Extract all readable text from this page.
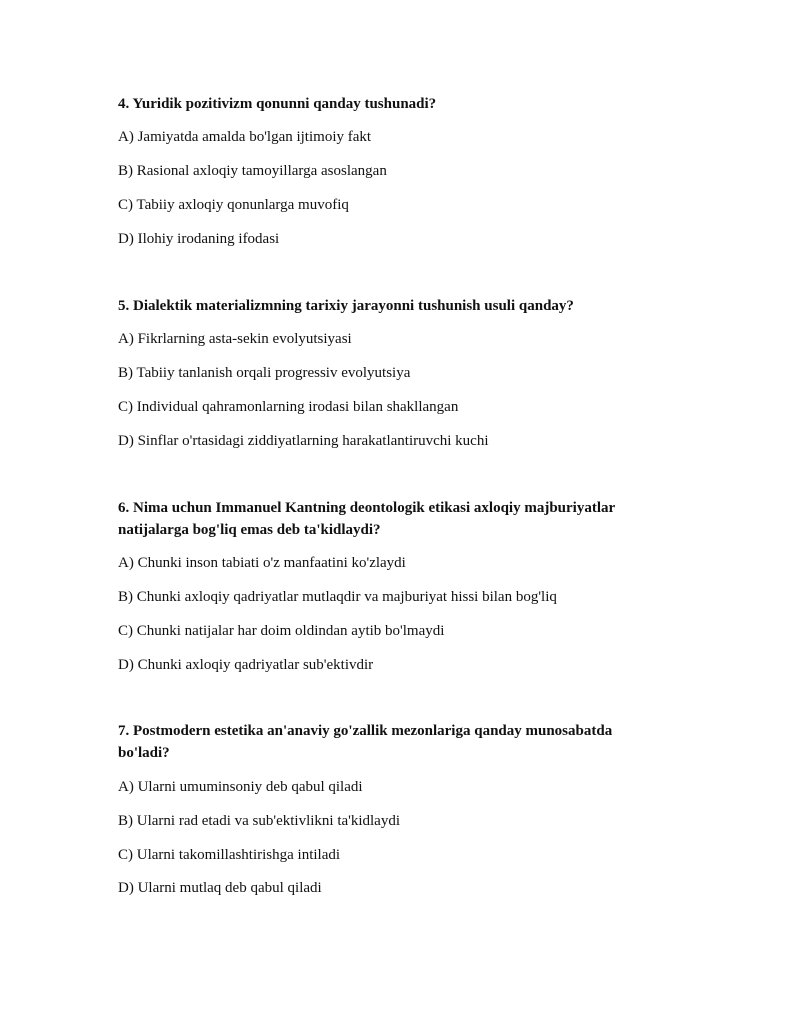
4. Yuridik pozitivizm qonunni qanday tushunadi?

A) Jamiyatda amalda bo'lgan ijtimoiy fakt

B) Rasional axloqiy tamoyillarga asoslangan

C) Tabiiy axloqiy qonunlarga muvofiq

D) Ilohiy irodaning ifodasi

5. Dialektik materializmning tarixiy jarayonni tushunish usuli qanday?

A) Fikrlarning asta-sekin evolyutsiyasi

B) Tabiiy tanlanish orqali progressiv evolyutsiya

C) Individual qahramonlarning irodasi bilan shakllangan

D) Sinflar o'rtasidagi ziddiyatlarning harakatlantiruvchi kuchi

6. Nima uchun Immanuel Kantning deontologik etikasi axloqiy majburiyatlar natijalarga bog'liq emas deb ta'kidlaydi?

A) Chunki inson tabiati o'z manfaatini ko'zlaydi

B) Chunki axloqiy qadriyatlar mutlaqdir va majburiyat hissi bilan bog'liq

C) Chunki natijalar har doim oldindan aytib bo'lmaydi

D) Chunki axloqiy qadriyatlar sub'ektivdir

7. Postmodern estetika an'anaviy go'zallik mezonlariga qanday munosabatda bo'ladi?

A) Ularni umuminsoniy deb qabul qiladi

B) Ularni rad etadi va sub'ektivlikni ta'kidlaydi

C) Ularni takomillashtirishga intiladi

D) Ularni mutlaq deb qabul qiladi
